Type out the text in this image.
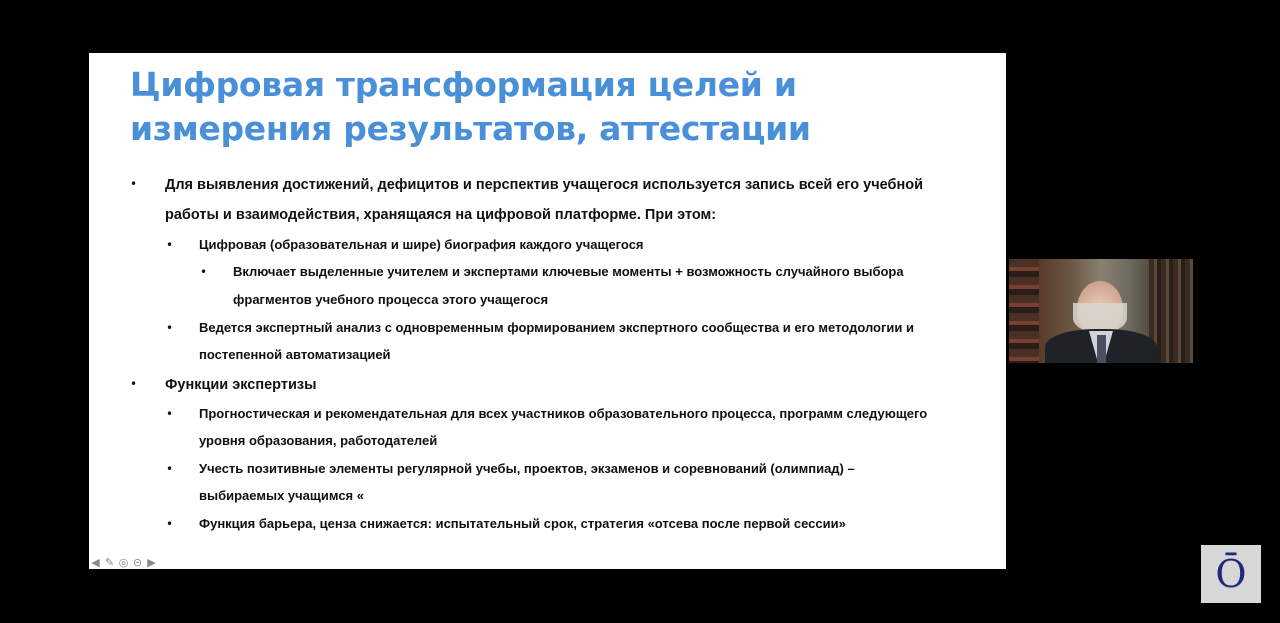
Цифровая трансформация целей и
измерения результатов, аттестации
• Для выявления достижений, дефицитов и перспектив учащегося используется запись всей его учебной
работы и взаимодействия, хранящаяся на цифровой платформе. При этом:
• Цифровая (образовательная и шире) биография каждого учащегося
• Включает выделенные учителем и экспертами ключевые моменты + возможность случайного выбора
фрагментов учебного процесса этого учащегося
• Ведется экспертный анализ с одновременным формированием экспертного сообщества и его методологии и
постепенной автоматизацией
• Функции экспертизы
• Прогностическая и рекомендательная для всех участников образовательного процесса, программ следующего
уровня образования, работодателей
• Учесть позитивные элементы регулярной учебы, проектов, экзаменов и соревнований (олимпиад) –
выбираемых учащимся «
• Функция барьера, ценза снижается: испытательный срок, стратегия «отсева после первой сессии»
◀ ✎ ◎ ⊝ ▶	Ō
